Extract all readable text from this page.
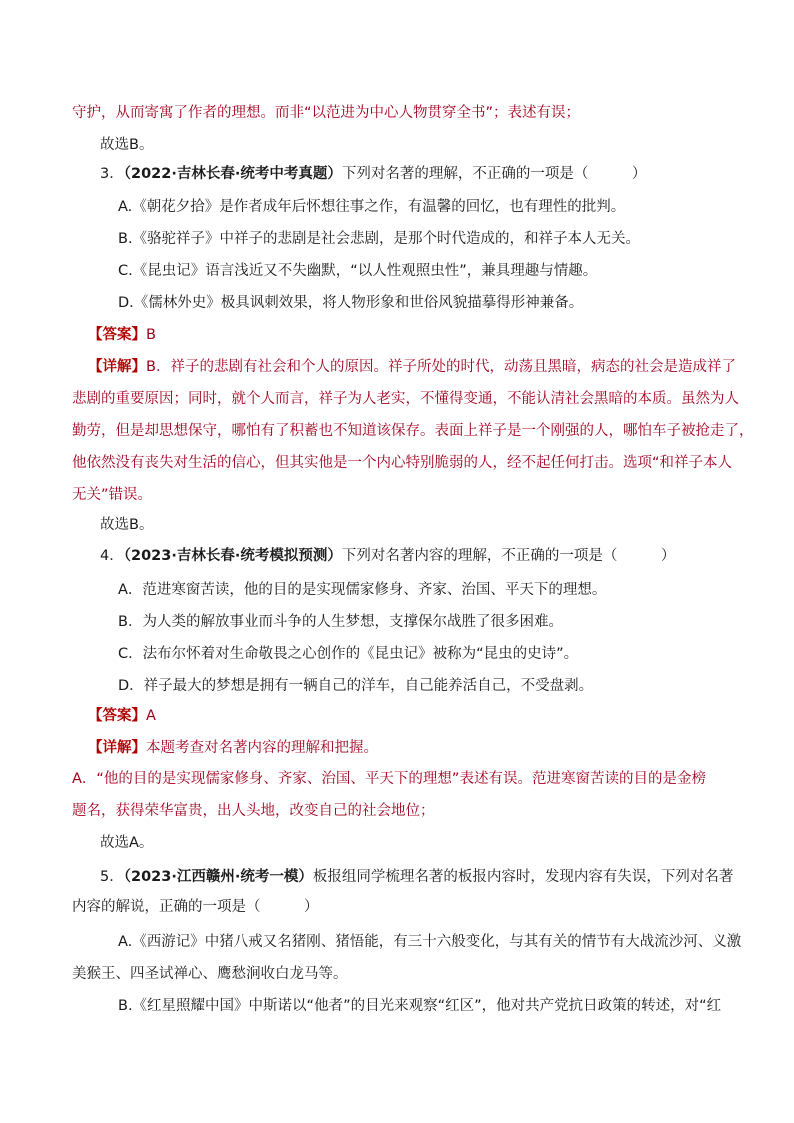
守护，从而寄寓了作者的理想。而非“以范进为中心人物贯穿全书”；表述有误；
故选B。
3．（2022·吉林长春·统考中考真题）下列对名著的理解，不正确的一项是（　　　）
A.《朝花夕拾》是作者成年后怀想往事之作，有温馨的回忆，也有理性的批判。
B.《骆驼祥子》中祥子的悲剧是社会悲剧，是那个时代造成的，和祥子本人无关。
C.《昆虫记》语言浅近又不失幽默，“以人性观照虫性”，兼具理趣与情趣。
D.《儒林外史》极具讽刺效果，将人物形象和世俗风貌描摹得形神兼备。
【答案】B
【详解】B．祥子的悲剧有社会和个人的原因。祥子所处的时代，动荡且黑暗，病态的社会是造成祥了
悲剧的重要原因；同时，就个人而言，祥子为人老实，不懂得变通，不能认清社会黑暗的本质。虽然为人
勤劳，但是却思想保守，哪怕有了积蓄也不知道该保存。表面上祥子是一个刚强的人，哪怕车子被抢走了，
他依然没有丧失对生活的信心，但其实他是一个内心特别脆弱的人，经不起任何打击。选项“和祥子本人
无关”错误。
故选B。
4．（2023·吉林长春·统考模拟预测）下列对名著内容的理解，不正确的一项是（　　　）
A．范进寒窗苦读，他的目的是实现儒家修身、齐家、治国、平天下的理想。
B．为人类的解放事业而斗争的人生梦想，支撑保尔战胜了很多困难。
C．法布尔怀着对生命敬畏之心创作的《昆虫记》被称为“昆虫的史诗”。
D．祥子最大的梦想是拥有一辆自己的洋车，自己能养活自己，不受盘剥。
【答案】A
【详解】本题考查对名著内容的理解和把握。
A．“他的目的是实现儒家修身、齐家、治国、平天下的理想”表述有误。范进寒窗苦读的目的是金榜
题名，获得荣华富贵，出人头地，改变自己的社会地位；
故选A。
5．（2023·江西赣州·统考一模）板报组同学梳理名著的板报内容时，发现内容有失误，下列对名著
内容的解说，正确的一项是（　　　）
A.《西游记》中猪八戒又名猪刚、猪悟能，有三十六般变化，与其有关的情节有大战流沙河、义激
美猴王、四圣试禅心、鹰愁涧收白龙马等。
B.《红星照耀中国》中斯诺以“他者”的目光来观察“红区”，他对共产党抗日政策的转述，对“红
